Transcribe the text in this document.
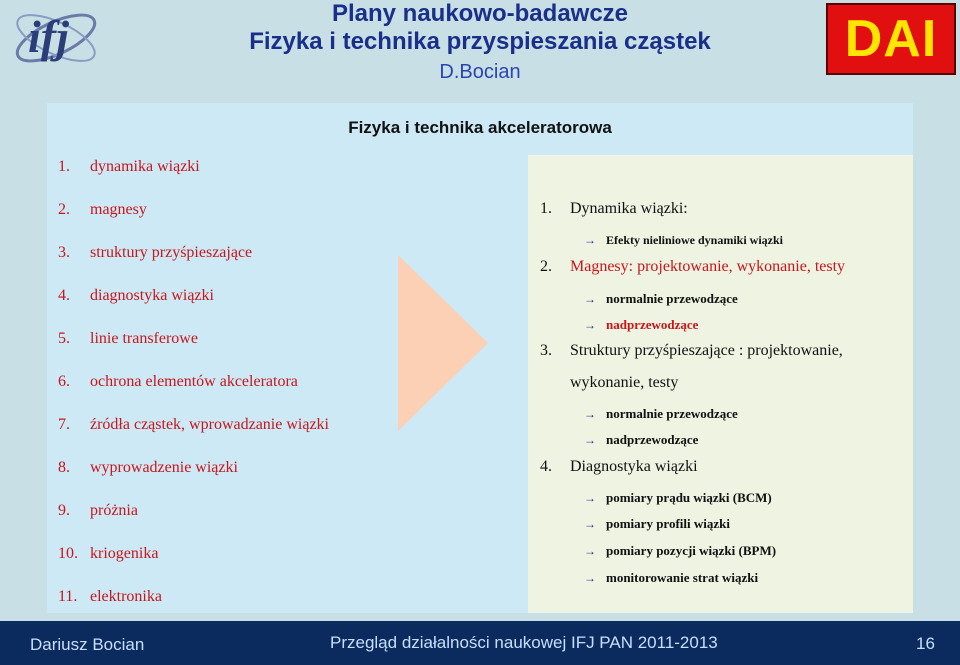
ifj	Plany naukowo-badawcze
Fizyka i technika przyspieszania cząstek
D.Bocian
DAI
Fizyka i technika akceleratorowa
1. dynamika wiązki
2. magnesy
3. struktury przyśpieszające
4. diagnostyka wiązki
5. linie transferowe
6. ochrona elementów akceleratora
7. źródła cząstek, wprowadzanie wiązki
8. wyprowadzenie wiązki
9. próżnia
10. kriogenika
11. elektronika
1. Dynamika wiązki:
→ Efekty nieliniowe dynamiki wiązki
2. Magnesy: projektowanie, wykonanie, testy
→ normalnie przewodzące
→ nadprzewodzące
3. Struktury przyśpieszające : projektowanie,
wykonanie, testy
→ normalnie przewodzące
→ nadprzewodzące
4. Diagnostyka wiązki
→ pomiary prądu wiązki (BCM)
→ pomiary profili wiązki
→ pomiary pozycji wiązki (BPM)
→ monitorowanie strat wiązki
Dariusz Bocian	Przegląd działalności naukowej IFJ PAN 2011-2013	16
